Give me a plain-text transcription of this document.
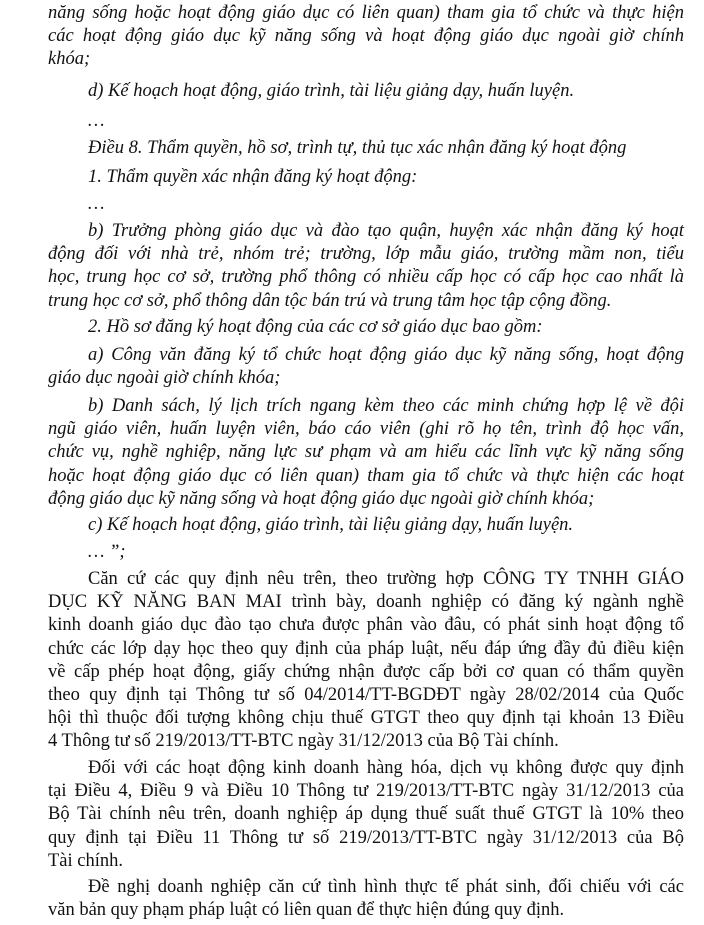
năng sống hoặc hoạt động giáo dục có liên quan) tham gia tổ chức và thực hiện
các hoạt động giáo dục kỹ năng sống và hoạt động giáo dục ngoài giờ chính
khóa;
d) Kế hoạch hoạt động, giáo trình, tài liệu giảng dạy, huấn luyện.
…
Điều 8. Thẩm quyền, hồ sơ, trình tự, thủ tục xác nhận đăng ký hoạt động
1. Thẩm quyền xác nhận đăng ký hoạt động:
…
b) Trưởng phòng giáo dục và đào tạo quận, huyện xác nhận đăng ký hoạt
động đối với nhà trẻ, nhóm trẻ; trường, lớp mẫu giáo, trường mầm non, tiểu
học, trung học cơ sở, trường phổ thông có nhiều cấp học có cấp học cao nhất là
trung học cơ sở, phổ thông dân tộc bán trú và trung tâm học tập cộng đồng.
2. Hồ sơ đăng ký hoạt động của các cơ sở giáo dục bao gồm:
a) Công văn đăng ký tổ chức hoạt động giáo dục kỹ năng sống, hoạt động
giáo dục ngoài giờ chính khóa;
b) Danh sách, lý lịch trích ngang kèm theo các minh chứng hợp lệ về đội
ngũ giáo viên, huấn luyện viên, báo cáo viên (ghi rõ họ tên, trình độ học vấn,
chức vụ, nghề nghiệp, năng lực sư phạm và am hiểu các lĩnh vực kỹ năng sống
hoặc hoạt động giáo dục có liên quan) tham gia tổ chức và thực hiện các hoạt
động giáo dục kỹ năng sống và hoạt động giáo dục ngoài giờ chính khóa;
c) Kế hoạch hoạt động, giáo trình, tài liệu giảng dạy, huấn luyện.
… ”;
Căn cứ các quy định nêu trên, theo trường hợp CÔNG TY TNHH GIÁO
DỤC KỸ NĂNG BAN MAI trình bày, doanh nghiệp có đăng ký ngành nghề
kinh doanh giáo dục đào tạo chưa được phân vào đâu, có phát sinh hoạt động tổ
chức các lớp dạy học theo quy định của pháp luật, nếu đáp ứng đầy đủ điều kiện
về cấp phép hoạt động, giấy chứng nhận được cấp bởi cơ quan có thẩm quyền
theo quy định tại Thông tư số 04/2014/TT-BGDĐT ngày 28/02/2014 của Quốc
hội thì thuộc đối tượng không chịu thuế GTGT theo quy định tại khoản 13 Điều
4 Thông tư số 219/2013/TT-BTC ngày 31/12/2013 của Bộ Tài chính.
Đối với các hoạt động kinh doanh hàng hóa, dịch vụ không được quy định
tại Điều 4, Điều 9 và Điều 10 Thông tư 219/2013/TT-BTC ngày 31/12/2013 của
Bộ Tài chính nêu trên, doanh nghiệp áp dụng thuế suất thuế GTGT là 10% theo
quy định tại Điều 11 Thông tư số 219/2013/TT-BTC ngày 31/12/2013 của Bộ
Tài chính.
Đề nghị doanh nghiệp căn cứ tình hình thực tế phát sinh, đối chiếu với các
văn bản quy phạm pháp luật có liên quan để thực hiện đúng quy định.
